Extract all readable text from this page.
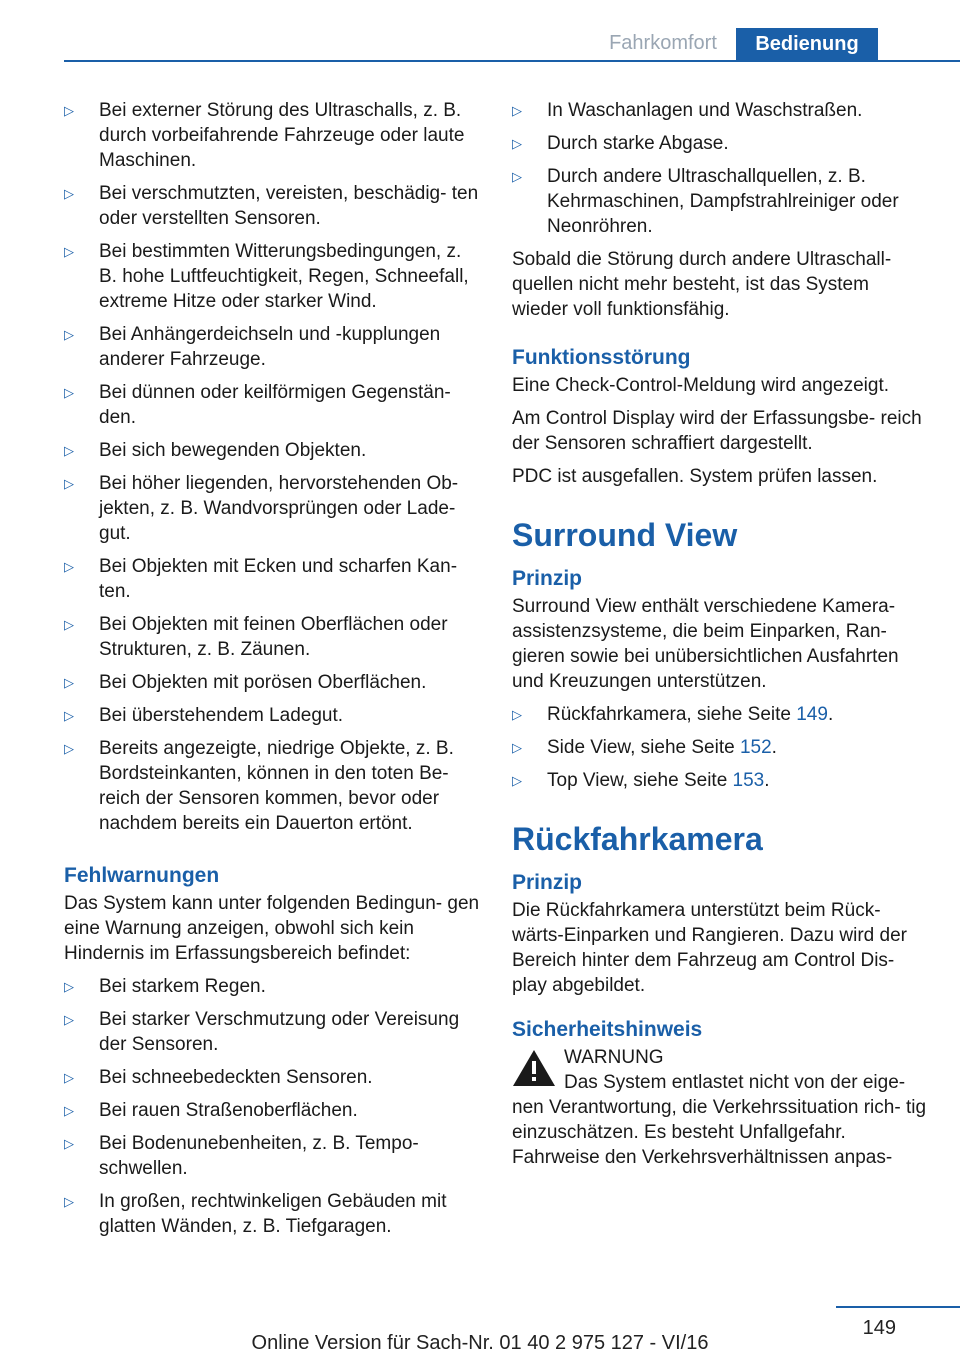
Fahrkomfort	Bedienung
▷ Bei externer Störung des Ultraschalls, z. B. durch vorbeifahrende Fahrzeuge oder laute Maschinen.
▷ Bei verschmutzten, vereisten, beschädig‐ ten oder verstellten Sensoren.
▷ Bei bestimmten Witterungsbedingungen, z. B. hohe Luftfeuchtigkeit, Regen, Schneefall, extreme Hitze oder starker Wind.
▷ Bei Anhängerdeichseln und ‑kupplungen anderer Fahrzeuge.
▷ Bei dünnen oder keilförmigen Gegenstän‐ den.
▷ Bei sich bewegenden Objekten.
▷ Bei höher liegenden, hervorstehenden Ob‐ jekten, z. B. Wandvorsprüngen oder Lade‐ gut.
▷ Bei Objekten mit Ecken und scharfen Kan‐ ten.
▷ Bei Objekten mit feinen Oberflächen oder Strukturen, z. B. Zäunen.
▷ Bei Objekten mit porösen Oberflächen.
▷ Bei überstehendem Ladegut.
▷ Bereits angezeigte, niedrige Objekte, z. B. Bordsteinkanten, können in den toten Be‐ reich der Sensoren kommen, bevor oder nachdem bereits ein Dauerton ertönt.
Fehlwarnungen

Das System kann unter folgenden Bedingun‐ gen eine Warnung anzeigen, obwohl sich kein Hindernis im Erfassungsbereich befindet:

▷ Bei starkem Regen.
▷ Bei starker Verschmutzung oder Vereisung der Sensoren.
▷ Bei schneebedeckten Sensoren.
▷ Bei rauen Straßenoberflächen.
▷ Bei Bodenunebenheiten, z. B. Tempo‐ schwellen.
▷ In großen, rechtwinkeligen Gebäuden mit glatten Wänden, z. B. Tiefgaragen.
▷ In Waschanlagen und Waschstraßen.
▷ Durch starke Abgase.
▷ Durch andere Ultraschallquellen, z. B. Kehrmaschinen, Dampfstrahlreiniger oder Neonröhren.

Sobald die Störung durch andere Ultraschall‐ quellen nicht mehr besteht, ist das System wieder voll funktionsfähig.

Funktionsstörung

Eine Check-Control-Meldung wird angezeigt.

Am Control Display wird der Erfassungsbe‐ reich der Sensoren schraffiert dargestellt.

PDC ist ausgefallen. System prüfen lassen.

Surround View
Prinzip

Surround View enthält verschiedene Kamera‐ assistenzsysteme, die beim Einparken, Ran‐ gieren sowie bei unübersichtlichen Ausfahrten und Kreuzungen unterstützen.

▷ Rückfahrkamera, siehe Seite 149.
▷ Side View, siehe Seite 152.
▷ Top View, siehe Seite 153.
Rückfahrkamera
Prinzip

Die Rückfahrkamera unterstützt beim Rück‐ wärts-Einparken und Rangieren. Dazu wird der Bereich hinter dem Fahrzeug am Control Dis‐ play abgebildet.

Sicherheitshinweis
WARNUNG

Das System entlastet nicht von der eige‐ nen Verantwortung, die Verkehrssituation rich‐ tig einzuschätzen. Es besteht Unfallgefahr. Fahrweise den Verkehrsverhältnissen anpas‐

149
Online Version für Sach-Nr. 01 40 2 975 127 - VI/16
